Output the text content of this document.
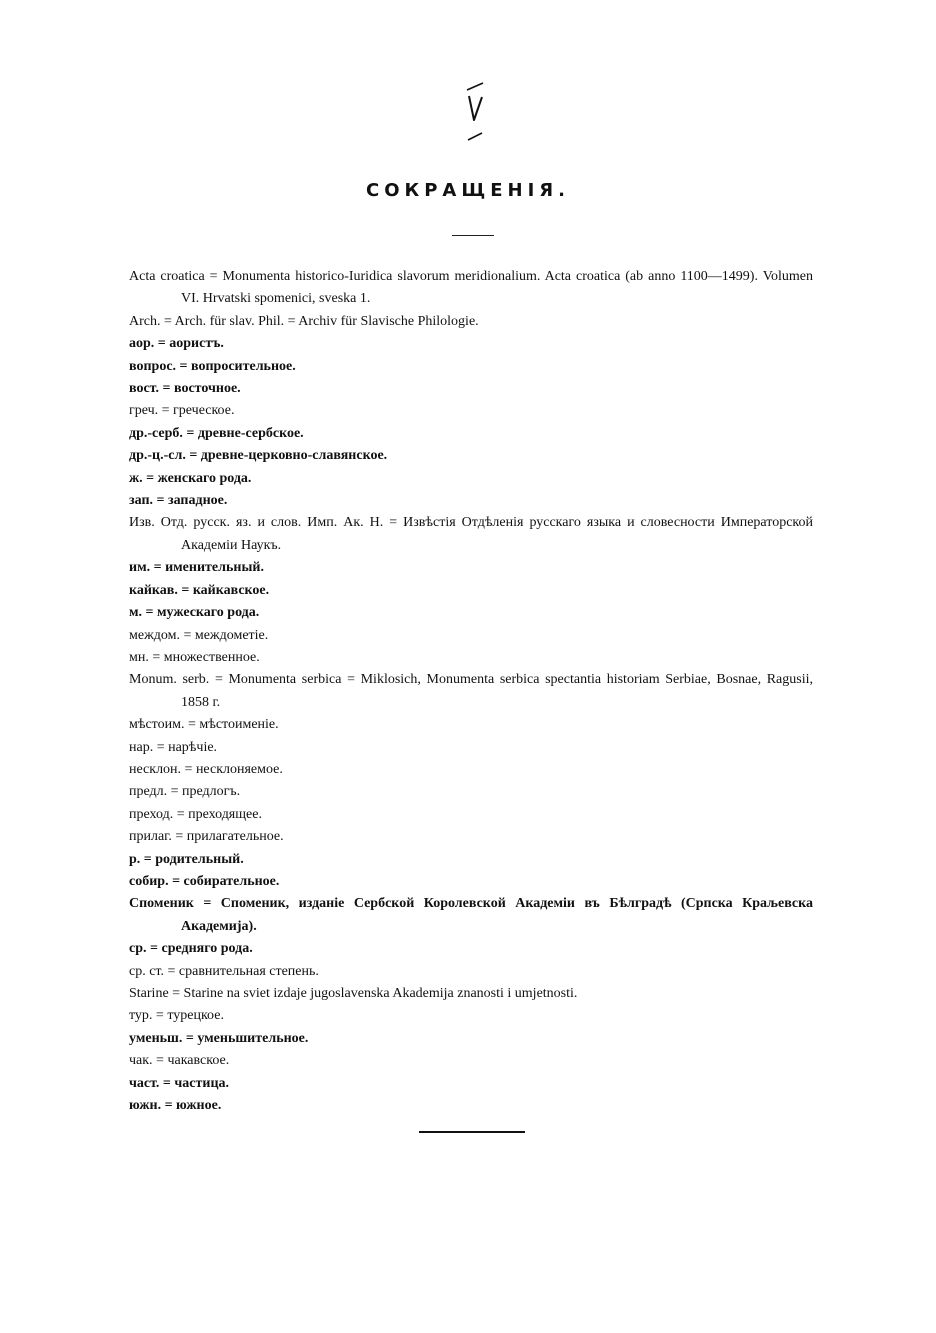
СОКРАЩЕНІЯ.
Acta croatica = Monumenta historico-Iuridica slavorum meridionalium. Acta croatica (ab anno 1100—1499). Volumen VI. Hrvatski spomenici, sveska 1.
Arch. = Arch. für slav. Phil. = Archiv für Slavische Philologie.
аор. = аористъ.
вопрос. = вопросительное.
вост. = восточное.
греч. = греческое.
др.-серб. = древне-сербское.
др.-ц.-сл. = древне-церковно-славянское.
ж. = женскаго рода.
зап. = западное.
Изв. Отд. русск. яз. и слов. Имп. Ак. Н. = Извѣстія Отдѣленія русскаго языка и словесности Императорской Академіи Наукъ.
им. = именительный.
кайкав. = кайкавское.
м. = мужескаго рода.
междом. = междометіе.
мн. = множественное.
Monum. serb. = Monumenta serbica = Miklosich, Monumenta serbica spectantia historiam Serbiae, Bosnae, Ragusii, 1858 г.
мѣстоим. = мѣстоименіе.
нар. = нарѣчіе.
несклон. = несклоняемое.
предл. = предлогъ.
преход. = преходящее.
прилаг. = прилагательное.
р. = родительный.
собир. = собирательное.
Споменик = Споменик, изданіе Сербской Королевской Академіи въ Бѣлградѣ (Српска Краљевска Академија).
ср. = средняго рода.
ср. ст. = сравнительная степень.
Starine = Starine na sviet izdaje jugoslavenska Akademija znanosti i umjetnosti.
тур. = турецкое.
уменьш. = уменьшительное.
чак. = чакавское.
част. = частица.
южн. = южное.
